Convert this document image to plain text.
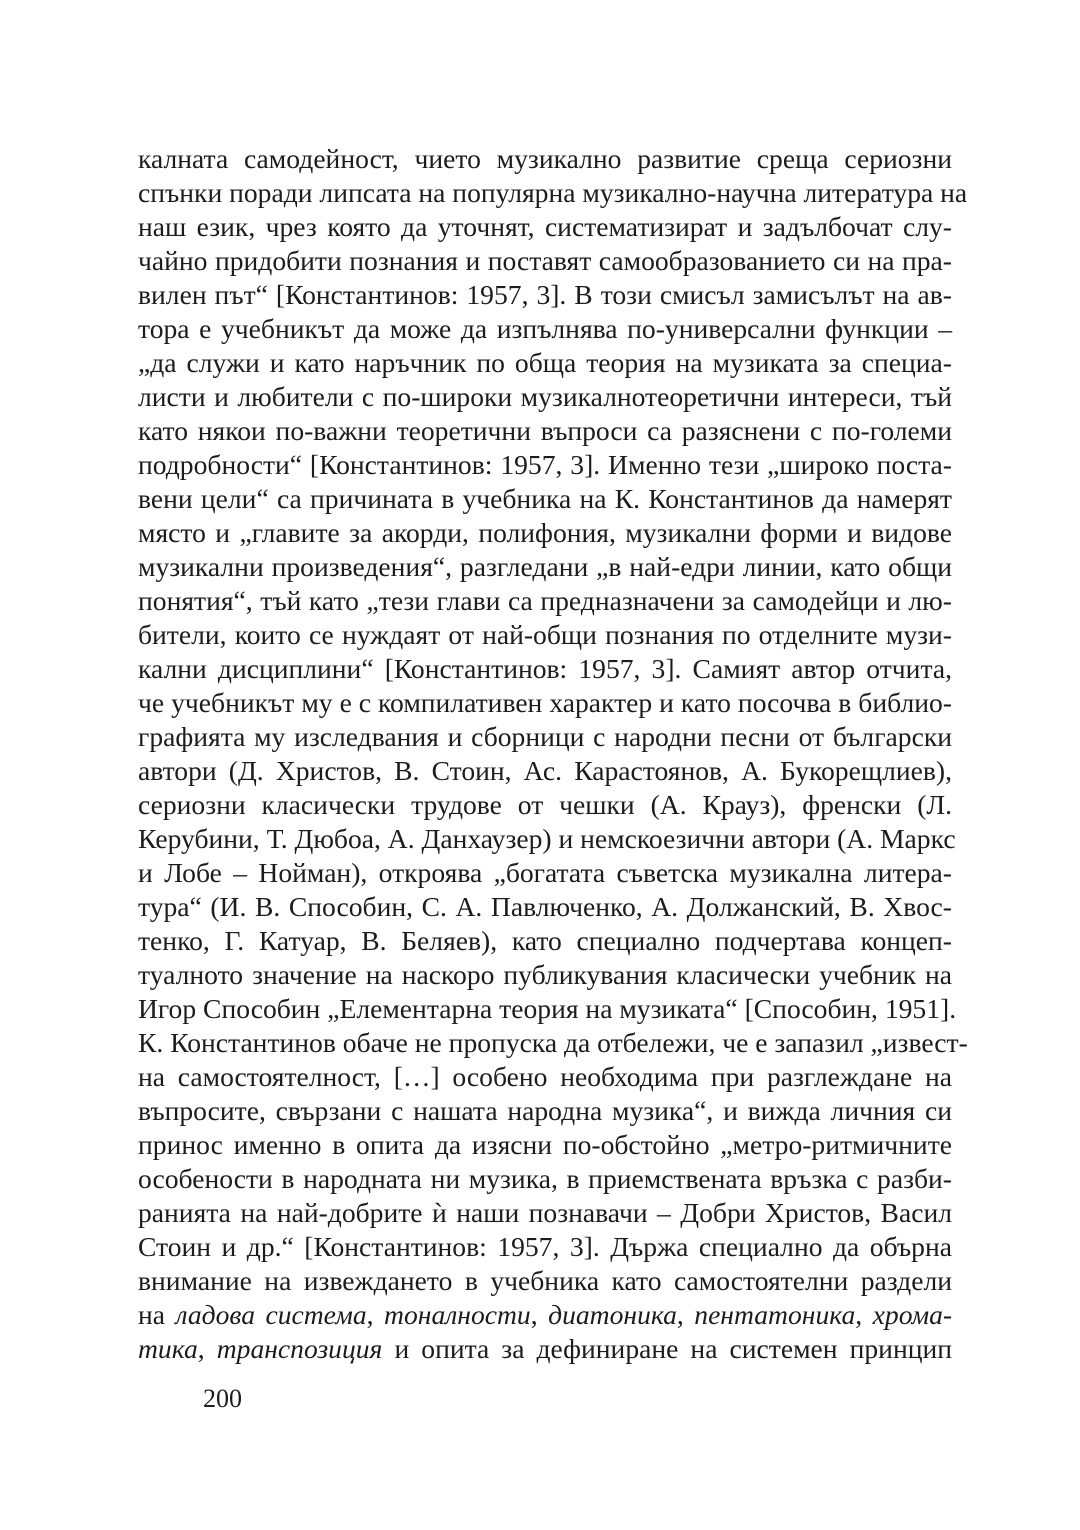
калната самодейност, чието музикално развитие среща сериозни
спънки поради липсата на популярна музикално-научна литература на
наш език, чрез която да уточнят, систематизират и задълбочат слу-
чайно придобити познания и поставят самообразованието си на пра-
вилен път“ [Константинов: 1957, 3]. В този смисъл замисълът на ав-
тора е учебникът да може да изпълнява по-универсални функции –
„да служи и като наръчник по обща теория на музиката за специа-
листи и любители с по-широки музикалнотеоретични интереси, тъй
като някои по-важни теоретични въпроси са разяснени с по-големи
подробности“ [Константинов: 1957, 3]. Именно тези „широко поста-
вени цели“ са причината в учебника на К. Константинов да намерят
място и „главите за акорди, полифония, музикални форми и видове
музикални произведения“, разгледани „в най-едри линии, като общи
понятия“, тъй като „тези глави са предназначени за самодейци и лю-
бители, които се нуждаят от най-общи познания по отделните музи-
кални дисциплини“ [Константинов: 1957, 3]. Самият автор отчита,
че учебникът му е с компилативен характер и като посочва в библио-
графията му изследвания и сборници с народни песни от български
автори (Д. Христов, В. Стоин, Ас. Карастоянов, А. Букорещлиев),
сериозни класически трудове от чешки (А. Крауз), френски (Л.
Керубини, Т. Дюбоа, А. Данхаузер) и немскоезични автори (А. Маркс
и Лобе – Нойман), откроява „богатата съветска музикална литера-
тура“ (И. В. Способин, С. А. Павлюченко, А. Должанский, В. Хвос-
тенко, Г. Катуар, В. Беляев), като специално подчертава концеп-
туалното значение на наскоро публикувания класически учебник на
Игор Способин „Елементарна теория на музиката“ [Способин, 1951].
К. Константинов обаче не пропуска да отбележи, че е запазил „извест-
на самостоятелност, […] особено необходима при разглеждане на
въпросите, свързани с нашата народна музика“, и вижда личния си
принос именно в опита да изясни по-обстойно „метро-ритмичните
особености в народната ни музика, в приемствената връзка с разби-
ранията на най-добрите ѝ наши познавачи – Добри Христов, Васил
Стоин и др.“ [Константинов: 1957, 3]. Държа специално да обърна
внимание на извеждането в учебника като самостоятелни раздели
на ладова система, тоналности, диатоника, пентатоника, хрома-
тика, транспозиция и опита за дефиниране на системен принцип
200
